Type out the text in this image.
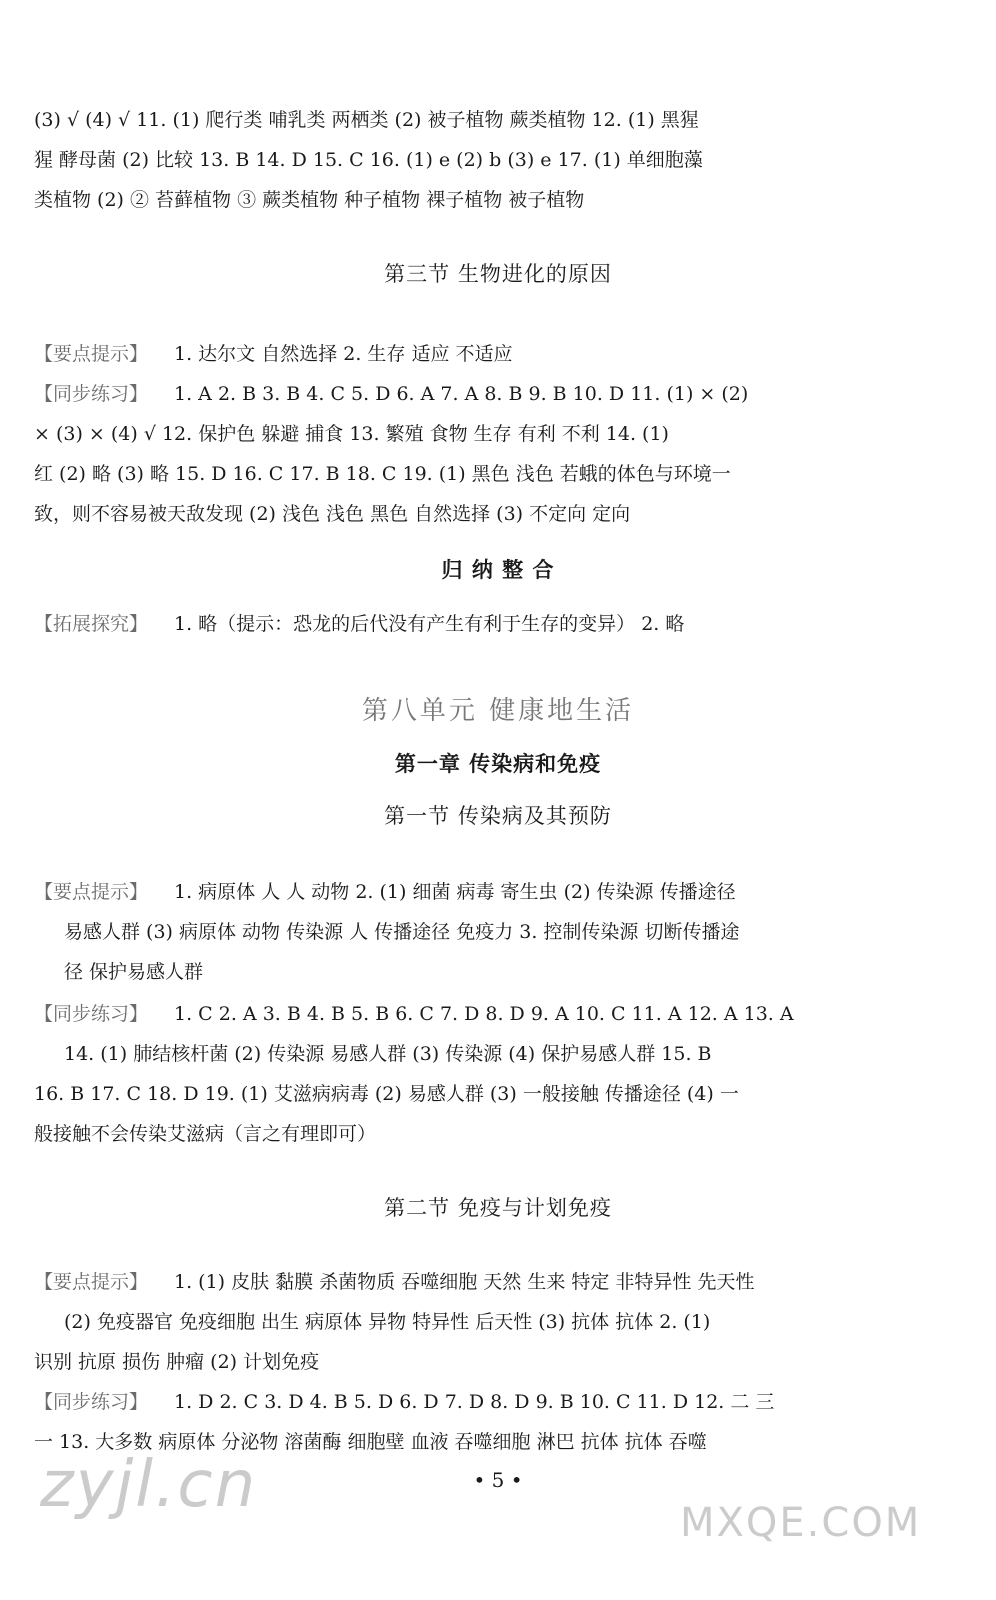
(3) √ (4) √ 11. (1) 爬行类 哺乳类 两栖类 (2) 被子植物 蕨类植物 12. (1) 黑猩
猩 酵母菌 (2) 比较 13. B 14. D 15. C 16. (1) e (2) b (3) e 17. (1) 单细胞藻
类植物 (2) ② 苔藓植物 ③ 蕨类植物 种子植物 裸子植物 被子植物
第三节 生物进化的原因
【要点提示】 1. 达尔文 自然选择 2. 生存 适应 不适应
【同步练习】 1. A 2. B 3. B 4. C 5. D 6. A 7. A 8. B 9. B 10. D 11. (1) × (2)
× (3) × (4) √ 12. 保护色 躲避 捕食 13. 繁殖 食物 生存 有利 不利 14. (1)
红 (2) 略 (3) 略 15. D 16. C 17. B 18. C 19. (1) 黑色 浅色 若蛾的体色与环境一
致，则不容易被天敌发现 (2) 浅色 浅色 黑色 自然选择 (3) 不定向 定向
归 纳 整 合
【拓展探究】 1. 略（提示：恐龙的后代没有产生有利于生存的变异） 2. 略
第八单元 健康地生活
第一章 传染病和免疫
第一节 传染病及其预防
【要点提示】 1. 病原体 人 人 动物 2. (1) 细菌 病毒 寄生虫 (2) 传染源 传播途径
易感人群 (3) 病原体 动物 传染源 人 传播途径 免疫力 3. 控制传染源 切断传播途
径 保护易感人群
【同步练习】 1. C 2. A 3. B 4. B 5. B 6. C 7. D 8. D 9. A 10. C 11. A 12. A 13. A
14. (1) 肺结核杆菌 (2) 传染源 易感人群 (3) 传染源 (4) 保护易感人群 15. B
16. B 17. C 18. D 19. (1) 艾滋病病毒 (2) 易感人群 (3) 一般接触 传播途径 (4) 一
般接触不会传染艾滋病（言之有理即可）
第二节 免疫与计划免疫
【要点提示】 1. (1) 皮肤 黏膜 杀菌物质 吞噬细胞 天然 生来 特定 非特异性 先天性
(2) 免疫器官 免疫细胞 出生 病原体 异物 特异性 后天性 (3) 抗体 抗体 2. (1)
识别 抗原 损伤 肿瘤 (2) 计划免疫
【同步练习】 1. D 2. C 3. D 4. B 5. D 6. D 7. D 8. D 9. B 10. C 11. D 12. 二 三
一 13. 大多数 病原体 分泌物 溶菌酶 细胞壁 血液 吞噬细胞 淋巴 抗体 抗体 吞噬
• 5 •
zyjl.cn
MXQE.COM
